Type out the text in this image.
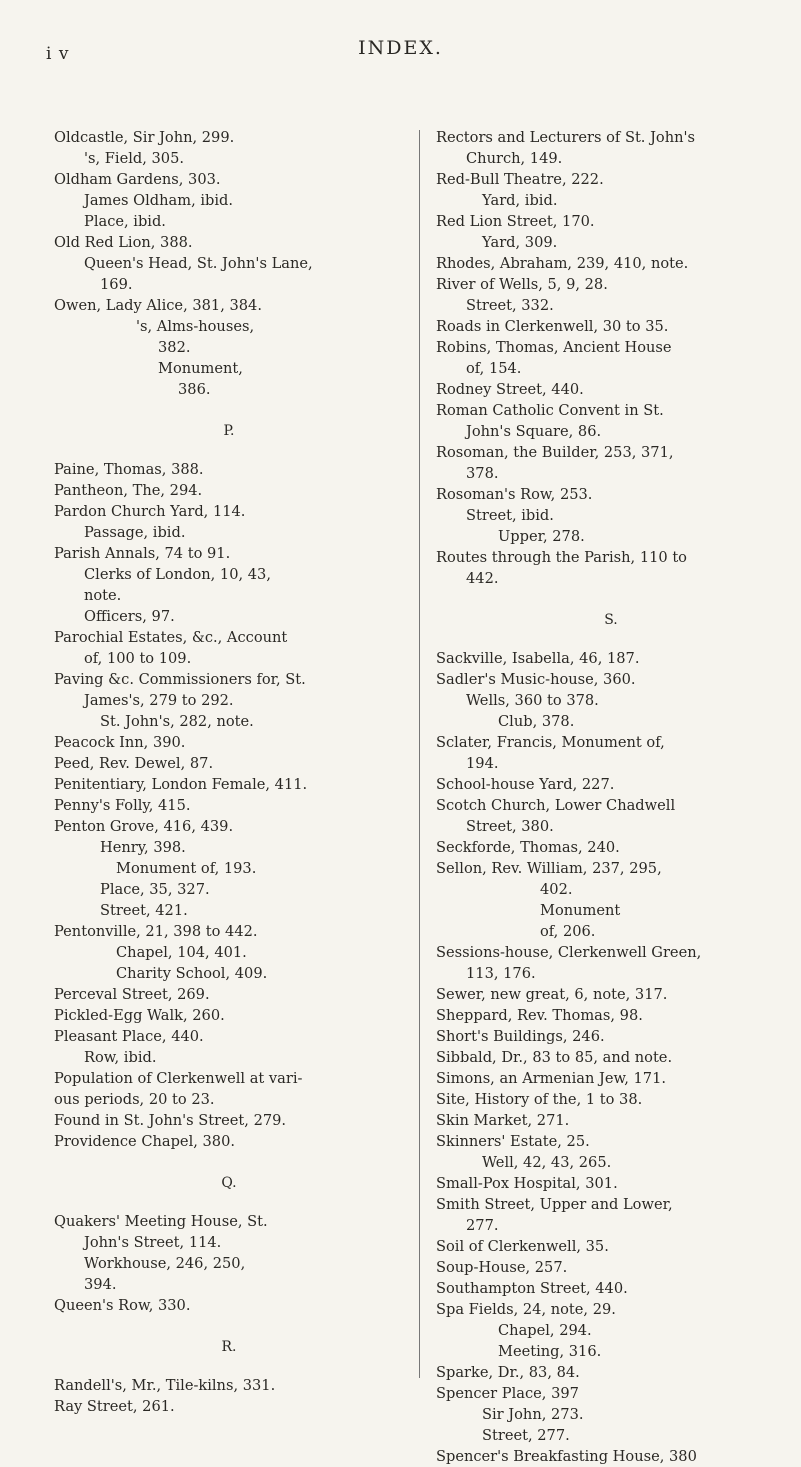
i v	INDEX.
Oldcastle, Sir John, 299.
's, Field, 305.
Oldham Gardens, 303.
James Oldham, ibid.
Place, ibid.
Old Red Lion, 388.
Queen's Head, St. John's Lane,
169.
Owen, Lady Alice, 381, 384.
's, Alms-houses,
382.
Monument,
386.
P.
Paine, Thomas, 388.
Pantheon, The, 294.
Pardon Church Yard, 114.
Passage, ibid.
Parish Annals, 74 to 91.
Clerks of London, 10, 43,
note.
Officers, 97.
Parochial Estates, &c., Account
of, 100 to 109.
Paving &c. Commissioners for, St.
James's, 279 to 292.
St. John's, 282, note.
Peacock Inn, 390.
Peed, Rev. Dewel, 87.
Penitentiary, London Female, 411.
Penny's Folly, 415.
Penton Grove, 416, 439.
Henry, 398.
Monument of, 193.
Place, 35, 327.
Street, 421.
Pentonville, 21, 398 to 442.
Chapel, 104, 401.
Charity School, 409.
Perceval Street, 269.
Pickled-Egg Walk, 260.
Pleasant Place, 440.
Row, ibid.
Population of Clerkenwell at vari-
ous periods, 20 to 23.
Found in St. John's Street, 279.
Providence Chapel, 380.
Q.
Quakers' Meeting House, St.
John's Street, 114.
Workhouse, 246, 250,
394.
Queen's Row, 330.
R.
Randell's, Mr., Tile-kilns, 331.
Ray Street, 261.
Rectors and Lecturers of St. John's
Church, 149.
Red-Bull Theatre, 222.
Yard, ibid.
Red Lion Street, 170.
Yard, 309.
Rhodes, Abraham, 239, 410, note.
River of Wells, 5, 9, 28.
Street, 332.
Roads in Clerkenwell, 30 to 35.
Robins, Thomas, Ancient House
of, 154.
Rodney Street, 440.
Roman Catholic Convent in St.
John's Square, 86.
Rosoman, the Builder, 253, 371,
378.
Rosoman's Row, 253.
Street, ibid.
Upper, 278.
Routes through the Parish, 110 to
442.
S.
Sackville, Isabella, 46, 187.
Sadler's Music-house, 360.
Wells, 360 to 378.
Club, 378.
Sclater, Francis, Monument of,
194.
School-house Yard, 227.
Scotch Church, Lower Chadwell
Street, 380.
Seckforde, Thomas, 240.
Sellon, Rev. William, 237, 295,
402.
Monument
of, 206.
Sessions-house, Clerkenwell Green,
113, 176.
Sewer, new great, 6, note, 317.
Sheppard, Rev. Thomas, 98.
Short's Buildings, 246.
Sibbald, Dr., 83 to 85, and note.
Simons, an Armenian Jew, 171.
Site, History of the, 1 to 38.
Skin Market, 271.
Skinners' Estate, 25.
Well, 42, 43, 265.
Small-Pox Hospital, 301.
Smith Street, Upper and Lower,
277.
Soil of Clerkenwell, 35.
Soup-House, 257.
Southampton Street, 440.
Spa Fields, 24, note, 29.
Chapel, 294.
Meeting, 316.
Sparke, Dr., 83, 84.
Spencer Place, 397
Sir John, 273.
Street, 277.
Spencer's Breakfasting House, 380
